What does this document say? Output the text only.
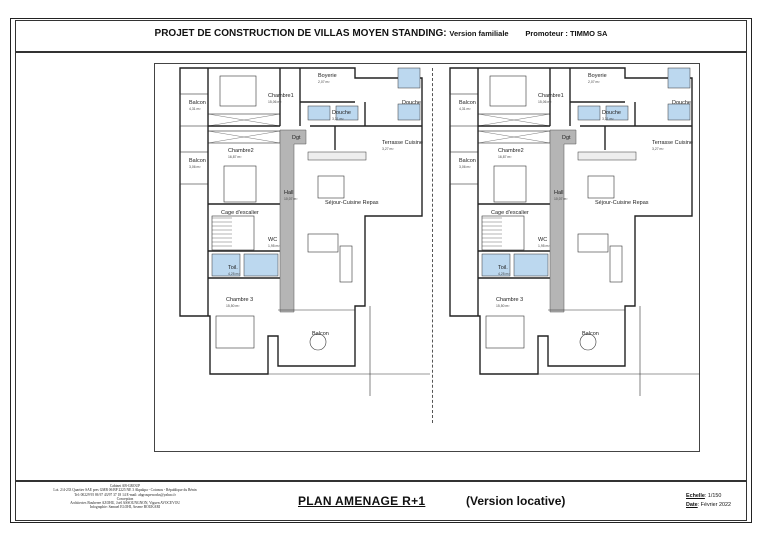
PROJET DE CONSTRUCTION DE VILLAS MOYEN STANDING: Version familiale Promoteur : TIMMO SA
Balcon
4,31 m²
Chambre1
15,06 m²
Boyerie
2,07 m²
Douche
3,31 m²
Douche
Dgt
Balcon
3,06 m²
Chambre2
16,87 m²
Terrasse Cuisine
3,27 m²
Hall
10,07 m²
Séjour-Cuisine Repas
Cage d'escalier
WC
1,95 m²
Toil.
4,25 m²
Chambre 3
15,50 m²
Balcon
Balcon
4,31 m²
Chambre1
15,06 m²
Boyerie
2,07 m²
Douche
3,31 m²
Douche
Dgt
Balcon
3,06 m²
Chambre2
16,87 m²
Terrasse Cuisine
3,27 m²
Hall
10,07 m²
Séjour-Cuisine Repas
Cage d'escalier
WC
1,95 m²
Toil.
4,25 m²
Chambre 3
15,50 m²
Balcon
Cabinet AB-GROUP
Lot. 2/4-233 Quartier SAE pres GMB 06 BP 2225 NE 3 Akpakpa - Cotonou - République du Bénin
Tel: 00229 95 86 97 43/97 37 18 14 E-mail: abgroupeworks@yahoo.fr
Conception
Architectes Bouberee AZOHU, Joël ASSOUNGNON, Viguen AVOCEVOU
Infographie: Samuel ELOHI, Arsene BOUKARI	PLAN AMENAGE R+1	(Version locative)	Echelle: 1/150
Date: Février 2022
